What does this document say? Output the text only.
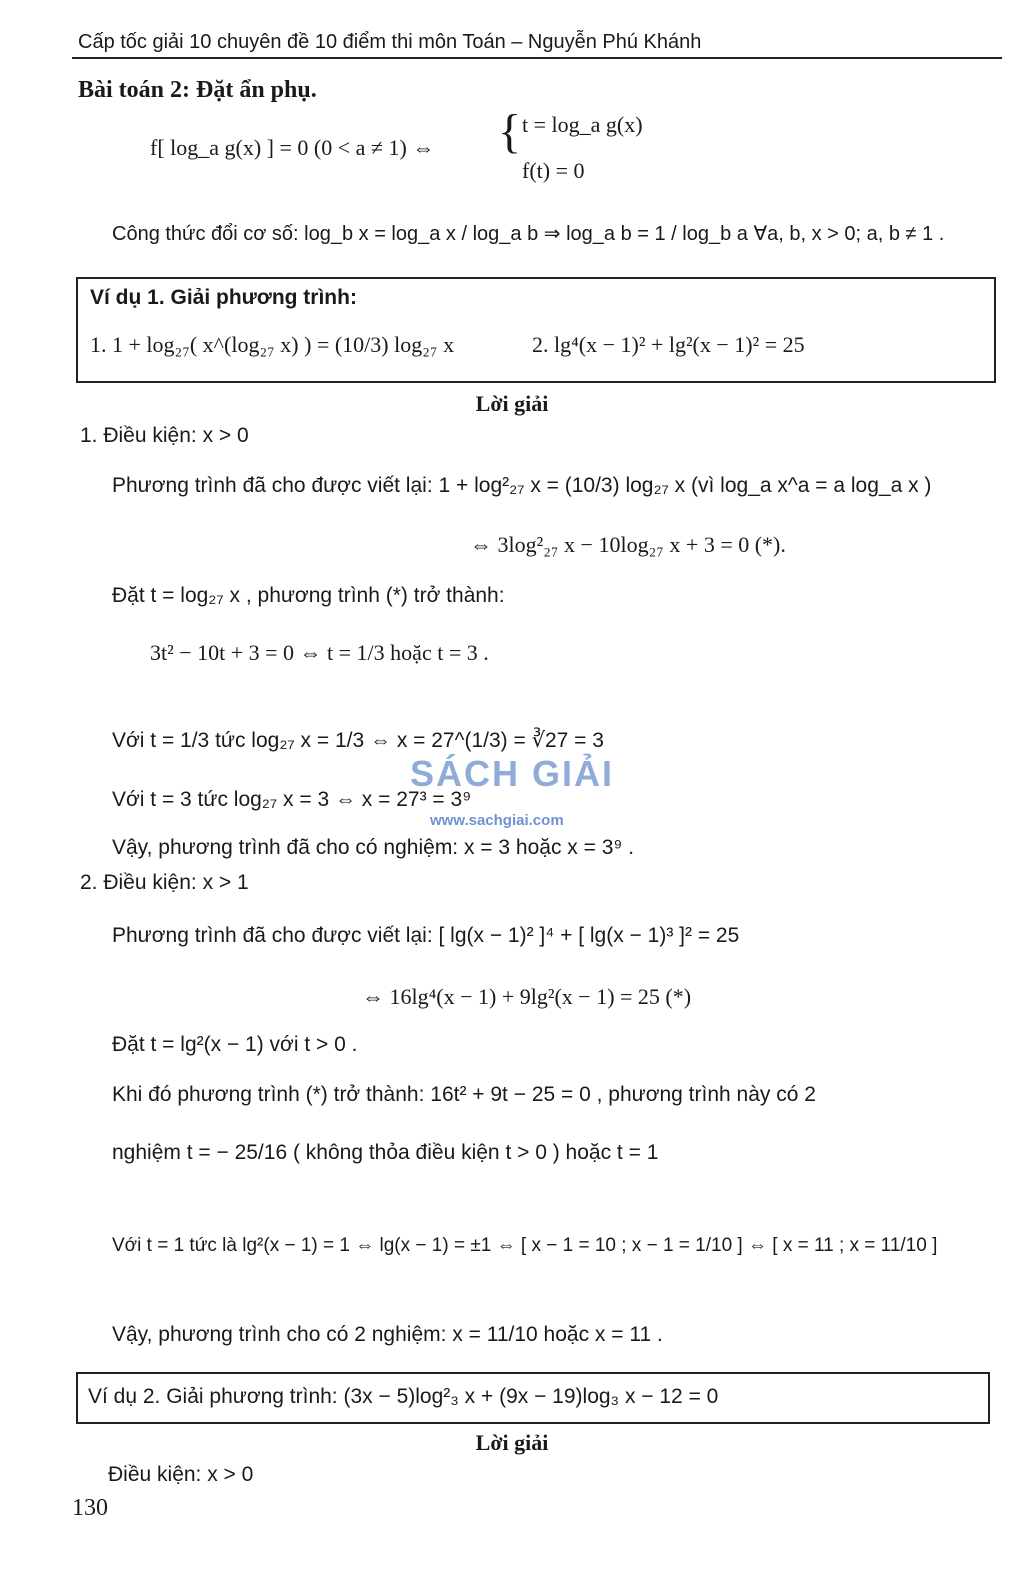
Cấp tốc giải 10 chuyên đề 10 điểm thi môn Toán – Nguyễn Phú Khánh
Bài toán 2: Đặt ẩn phụ.
f[ log_a g(x) ] = 0 (0 < a ≠ 1) ⇔ { t = log_a g(x)
f(t) = 0
Công thức đổi cơ số: log_b x = log_a x / log_a b ⇒ log_a b = 1 / log_b a ∀a, b, x > 0; a, b ≠ 1 .
Ví dụ 1. Giải phương trình:
1. 1 + log₂₇( x^(log₂₇ x) ) = (10/3) log₂₇ x	2. lg⁴(x − 1)² + lg²(x − 1)² = 25
Lời giải
1. Điều kiện: x > 0
Phương trình đã cho được viết lại: 1 + log²₂₇ x = (10/3) log₂₇ x (vì log_a x^a = a log_a x )
⇔ 3log²₂₇ x − 10log₂₇ x + 3 = 0 (*).
Đặt t = log₂₇ x , phương trình (*) trở thành:
3t² − 10t + 3 = 0 ⇔ t = 1/3 hoặc t = 3 .
Với t = 1/3 tức log₂₇ x = 1/3 ⇔ x = 27^(1/3) = ∛27 = 3
Với t = 3 tức log₂₇ x = 3 ⇔ x = 27³ = 3⁹
Vậy, phương trình đã cho có nghiệm: x = 3 hoặc x = 3⁹ .
2. Điều kiện: x > 1
Phương trình đã cho được viết lại: [ lg(x − 1)² ]⁴ + [ lg(x − 1)³ ]² = 25
⇔ 16lg⁴(x − 1) + 9lg²(x − 1) = 25 (*)
Đặt t = lg²(x − 1) với t > 0 .
Khi đó phương trình (*) trở thành: 16t² + 9t − 25 = 0 , phương trình này có 2
nghiệm t = − 25/16 ( không thỏa điều kiện t > 0 ) hoặc t = 1
Với t = 1 tức là lg²(x − 1) = 1 ⇔ lg(x − 1) = ±1 ⇔ [ x − 1 = 10 ; x − 1 = 1/10 ] ⇔ [ x = 11 ; x = 11/10 ]
Vậy, phương trình cho có 2 nghiệm: x = 11/10 hoặc x = 11 .
Ví dụ 2. Giải phương trình: (3x − 5)log²₃ x + (9x − 19)log₃ x − 12 = 0
Lời giải
Điều kiện: x > 0
SÁCH GIẢI
www.sachgiai.com
130
